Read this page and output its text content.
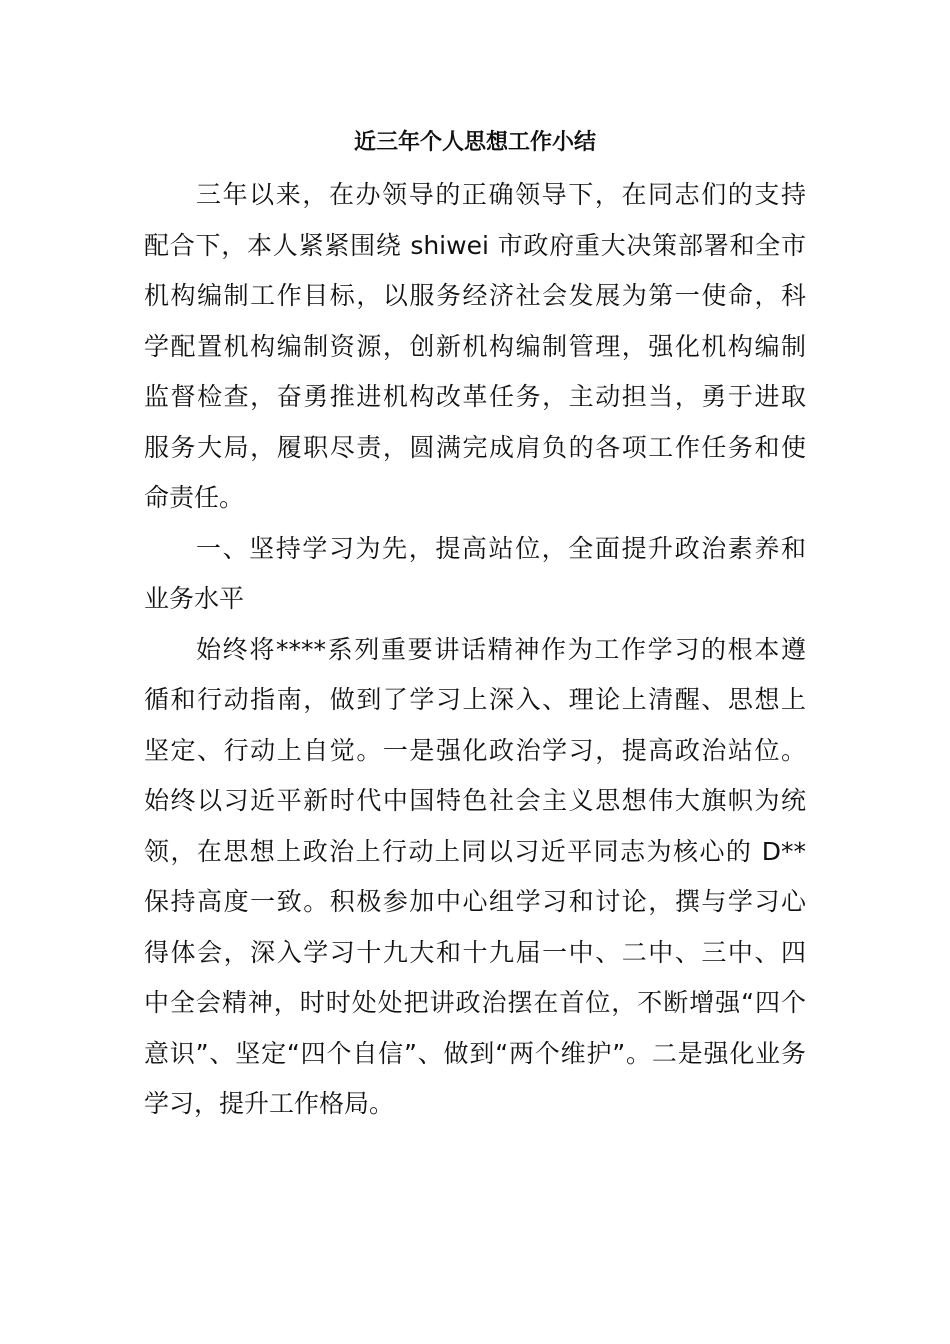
近三年个人思想工作小结
三年以来，在办领导的正确领导下，在同志们的支持
配合下，本人紧紧围绕 shiwei 市政府重大决策部署和全市
机构编制工作目标，以服务经济社会发展为第一使命，科
学配置机构编制资源，创新机构编制管理，强化机构编制
监督检查，奋勇推进机构改革任务，主动担当，勇于进取
服务大局，履职尽责，圆满完成肩负的各项工作任务和使
命责任。
一、坚持学习为先，提高站位，全面提升政治素养和
业务水平
始终将****系列重要讲话精神作为工作学习的根本遵
循和行动指南，做到了学习上深入、理论上清醒、思想上
坚定、行动上自觉。一是强化政治学习，提高政治站位。
始终以习近平新时代中国特色社会主义思想伟大旗帜为统
领，在思想上政治上行动上同以习近平同志为核心的 D**
保持高度一致。积极参加中心组学习和讨论，撰与学习心
得体会，深入学习十九大和十九届一中、二中、三中、四
中全会精神，时时处处把讲政治摆在首位，不断增强“四个
意识”、坚定“四个自信”、做到“两个维护”。二是强化业务
学习，提升工作格局。
